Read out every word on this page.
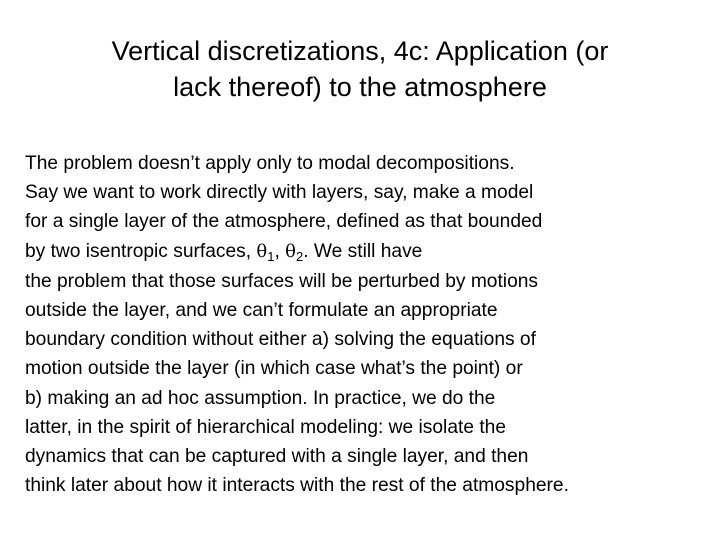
Vertical discretizations, 4c: Application (or
lack thereof) to the atmosphere
The problem doesn’t apply only to modal decompositions.
Say we want to work directly with layers, say, make a model
for a single layer of the atmosphere, defined as that bounded
by two isentropic surfaces, $\theta_1$, $\theta_2$. We still have
the problem that those surfaces will be perturbed by motions
outside the layer, and we can’t formulate an appropriate
boundary condition without either a) solving the equations of
motion outside the layer (in which case what’s the point) or
b) making an ad hoc assumption. In practice, we do the
latter, in the spirit of hierarchical modeling: we isolate the
dynamics that can be captured with a single layer, and then
think later about how it interacts with the rest of the atmosphere.
